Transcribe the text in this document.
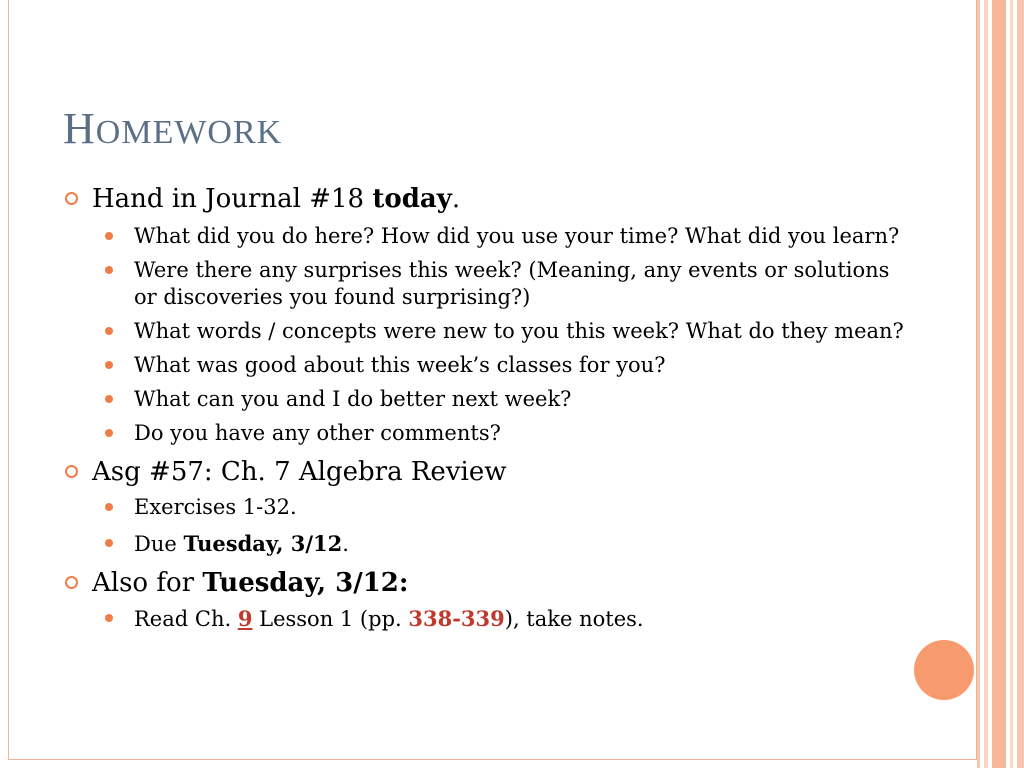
HOMEWORK
Hand in Journal #18 today.
What did you do here? How did you use your time? What did you learn?
Were there any surprises this week? (Meaning, any events or solutions or discoveries you found surprising?)
What words / concepts were new to you this week? What do they mean?
What was good about this week’s classes for you?
What can you and I do better next week?
Do you have any other comments?
Asg #57: Ch. 7 Algebra Review
Exercises 1-32.
Due Tuesday, 3/12.
Also for Tuesday, 3/12:
Read Ch. 9 Lesson 1 (pp. 338-339), take notes.
